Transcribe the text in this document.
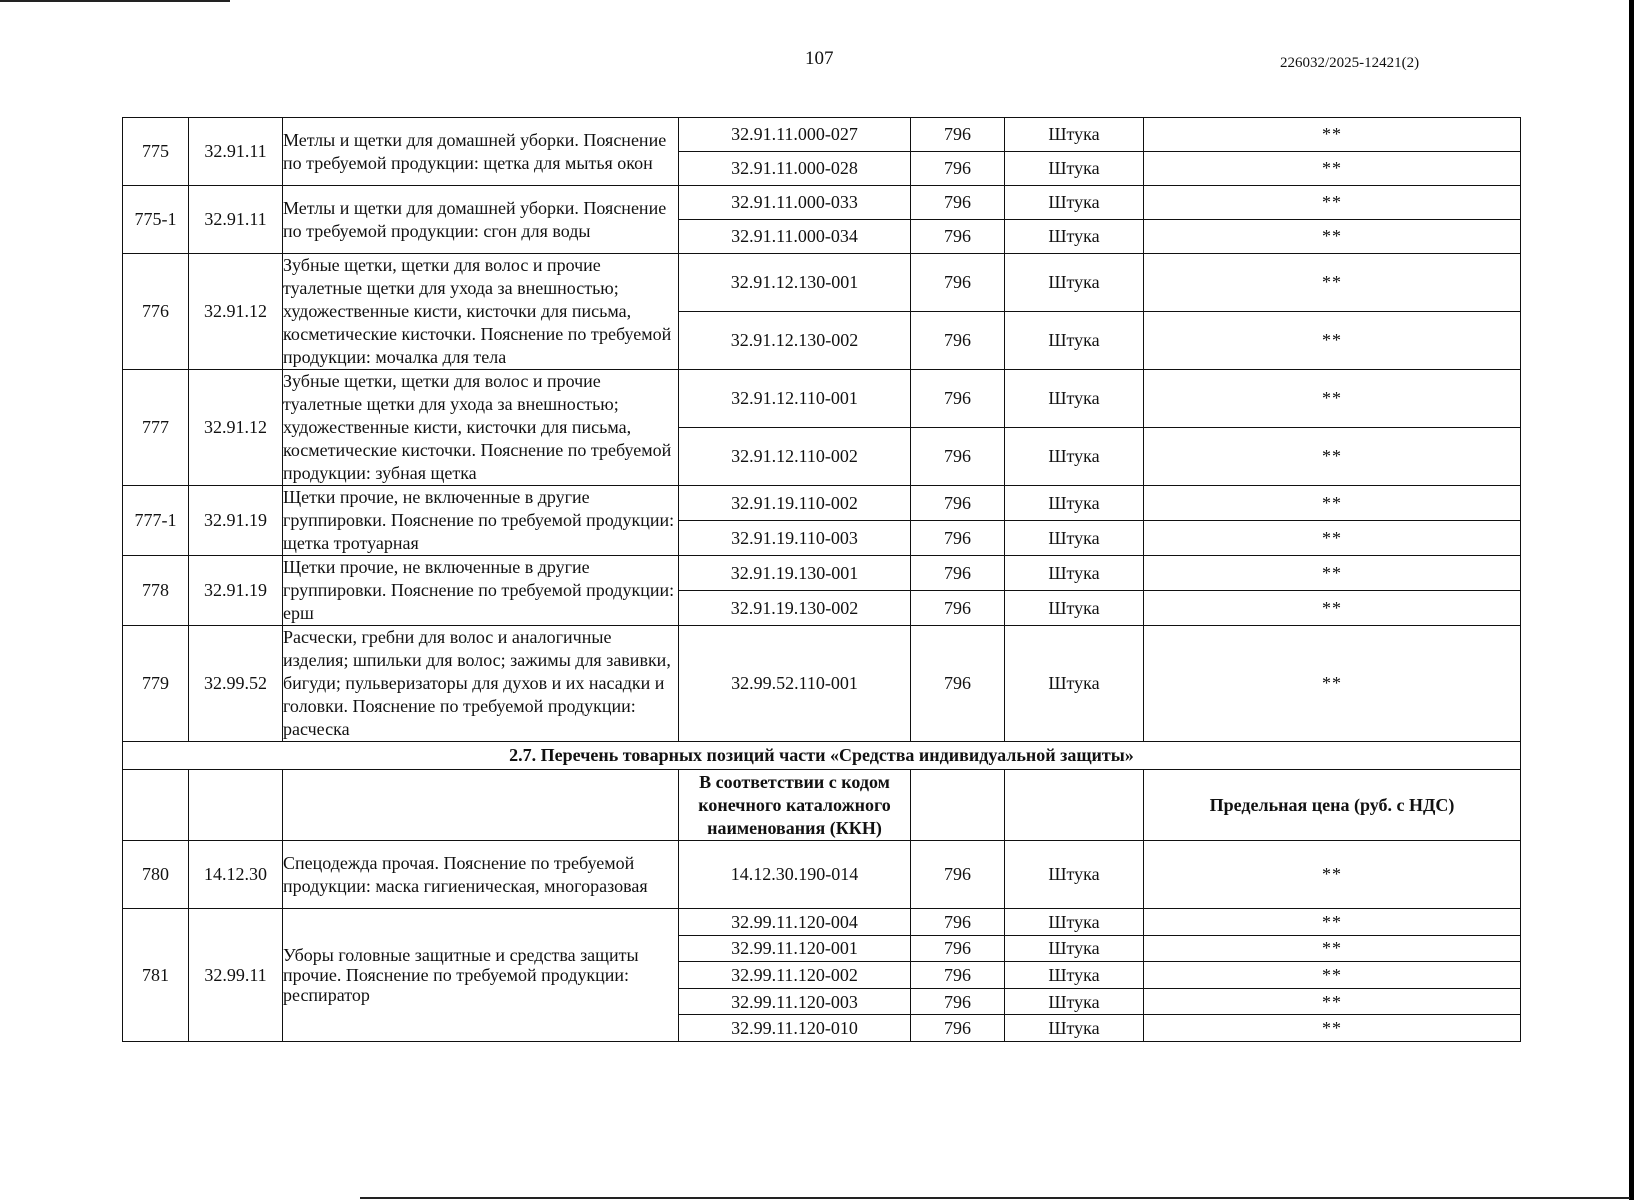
107	226032/2025-12421(2)
775	32.91.11	Метлы и щетки для домашней уборки. Пояснение по требуемой продукции: щетка для мытья окон	32.91.11.000-027	796	Штука	**
			32.91.11.000-028	796	Штука	**
775-1	32.91.11	Метлы и щетки для домашней уборки. Пояснение по требуемой продукции: сгон для воды	32.91.11.000-033	796	Штука	**
			32.91.11.000-034	796	Штука	**
776	32.91.12	Зубные щетки, щетки для волос и прочие туалетные щетки для ухода за внешностью; художественные кисти, кисточки для письма, косметические кисточки. Пояснение по требуемой продукции: мочалка для тела	32.91.12.130-001	796	Штука	**
			32.91.12.130-002	796	Штука	**
777	32.91.12	Зубные щетки, щетки для волос и прочие туалетные щетки для ухода за внешностью; художественные кисти, кисточки для письма, косметические кисточки. Пояснение по требуемой продукции: зубная щетка	32.91.12.110-001	796	Штука	**
			32.91.12.110-002	796	Штука	**
777-1	32.91.19	Щетки прочие, не включенные в другие группировки. Пояснение по требуемой продукции: щетка тротуарная	32.91.19.110-002	796	Штука	**
			32.91.19.110-003	796	Штука	**
778	32.91.19	Щетки прочие, не включенные в другие группировки. Пояснение по требуемой продукции: ерш	32.91.19.130-001	796	Штука	**
			32.91.19.130-002	796	Штука	**
779	32.99.52	Расчески, гребни для волос и аналогичные изделия; шпильки для волос; зажимы для завивки, бигуди; пульверизаторы для духов и их насадки и головки. Пояснение по требуемой продукции: расческа	32.99.52.110-001	796	Штука	**
2.7. Перечень товарных позиций части «Средства индивидуальной защиты»						
			В соответствии с кодом конечного каталожного наименования (ККН)			Предельная цена (руб. с НДС)
780	14.12.30	Спецодежда прочая. Пояснение по требуемой продукции: маска гигиеническая, многоразовая	14.12.30.190-014	796	Штука	**
781	32.99.11	Уборы головные защитные и средства защиты прочие. Пояснение по требуемой продукции: респиратор	32.99.11.120-004	796	Штука	**
			32.99.11.120-001	796	Штука	**
			32.99.11.120-002	796	Штука	**
			32.99.11.120-003	796	Штука	**
			32.99.11.120-010	796	Штука	**
